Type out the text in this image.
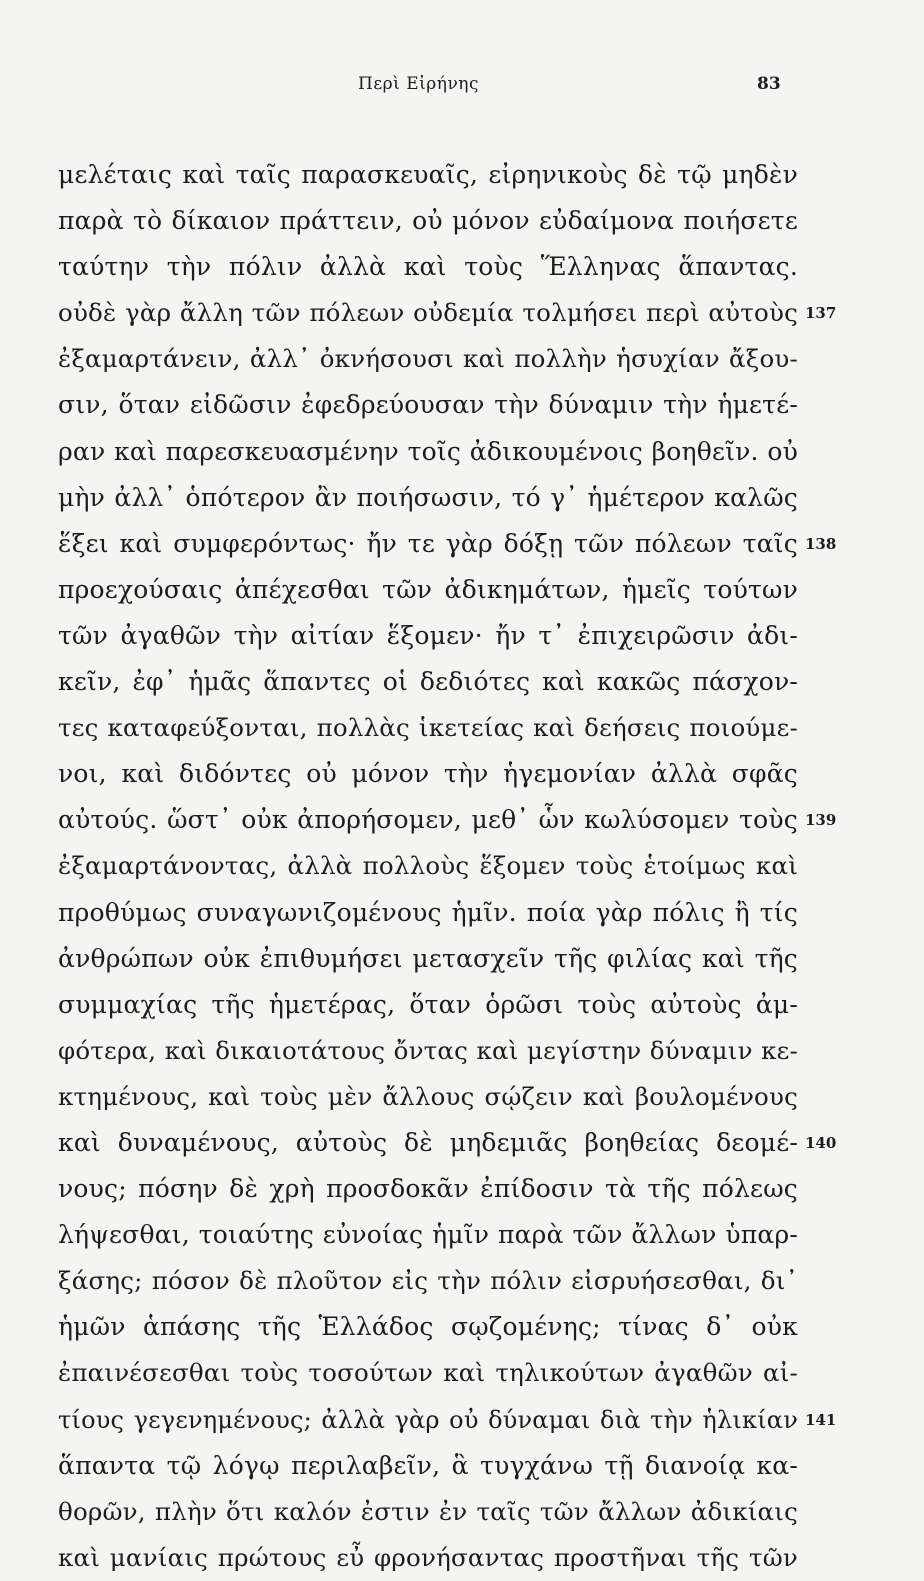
Περὶ Εἰρήνης	83
μελέταις καὶ ταῖς παρασκευαῖς, εἰρηνικοὺς δὲ τῷ μηδὲν
παρὰ τὸ δίκαιον πράττειν, οὐ μόνον εὐδαίμονα ποιήσετε
ταύτην τὴν πόλιν ἀλλὰ καὶ τοὺς Ἕλληνας ἅπαντας.
οὐδὲ γὰρ ἄλλη τῶν πόλεων οὐδεμία τολμήσει περὶ αὐτοὺς
ἐξαμαρτάνειν, ἀλλ᾽ ὀκνήσουσι καὶ πολλὴν ἡσυχίαν ἄξου-
σιν, ὅταν εἰδῶσιν ἐφεδρεύουσαν τὴν δύναμιν τὴν ἡμετέ-
ραν καὶ παρεσκευασμένην τοῖς ἀδικουμένοις βοηθεῖν. οὐ
μὴν ἀλλ᾽ ὁπότερον ἂν ποιήσωσιν, τό γ᾽ ἡμέτερον καλῶς
ἕξει καὶ συμφερόντως· ἤν τε γὰρ δόξῃ τῶν πόλεων ταῖς
προεχούσαις ἀπέχεσθαι τῶν ἀδικημάτων, ἡμεῖς τούτων
τῶν ἀγαθῶν τὴν αἰτίαν ἕξομεν· ἤν τ᾽ ἐπιχειρῶσιν ἀδι-
κεῖν, ἐφ᾽ ἡμᾶς ἅπαντες οἱ δεδιότες καὶ κακῶς πάσχον-
τες καταφεύξονται, πολλὰς ἱκετείας καὶ δεήσεις ποιούμε-
νοι, καὶ διδόντες οὐ μόνον τὴν ἡγεμονίαν ἀλλὰ σφᾶς
αὐτούς. ὥστ᾽ οὐκ ἀπορήσομεν, μεθ᾽ ὧν κωλύσομεν τοὺς
ἐξαμαρτάνοντας, ἀλλὰ πολλοὺς ἕξομεν τοὺς ἑτοίμως καὶ
προθύμως συναγωνιζομένους ἡμῖν. ποία γὰρ πόλις ἢ τίς
ἀνθρώπων οὐκ ἐπιθυμήσει μετασχεῖν τῆς φιλίας καὶ τῆς
συμμαχίας τῆς ἡμετέρας, ὅταν ὁρῶσι τοὺς αὐτοὺς ἀμ-
φότερα, καὶ δικαιοτάτους ὄντας καὶ μεγίστην δύναμιν κε-
κτημένους, καὶ τοὺς μὲν ἄλλους σῴζειν καὶ βουλομένους
καὶ δυναμένους, αὐτοὺς δὲ μηδεμιᾶς βοηθείας δεομέ-
νους; πόσην δὲ χρὴ προσδοκᾶν ἐπίδοσιν τὰ τῆς πόλεως
λήψεσθαι, τοιαύτης εὐνοίας ἡμῖν παρὰ τῶν ἄλλων ὑπαρ-
ξάσης; πόσον δὲ πλοῦτον εἰς τὴν πόλιν εἰσρυήσεσθαι, δι᾽
ἡμῶν ἁπάσης τῆς Ἑλλάδος σῳζομένης; τίνας δ᾽ οὐκ
ἐπαινέσεσθαι τοὺς τοσούτων καὶ τηλικούτων ἀγαθῶν αἰ-
τίους γεγενημένους; ἀλλὰ γὰρ οὐ δύναμαι διὰ τὴν ἡλικίαν
ἅπαντα τῷ λόγῳ περιλαβεῖν, ἃ τυγχάνω τῇ διανοίᾳ κα-
θορῶν, πλὴν ὅτι καλόν ἐστιν ἐν ταῖς τῶν ἄλλων ἀδικίαις
καὶ μανίαις πρώτους εὖ φρονήσαντας προστῆναι τῆς τῶν
137
138
139
140
141
